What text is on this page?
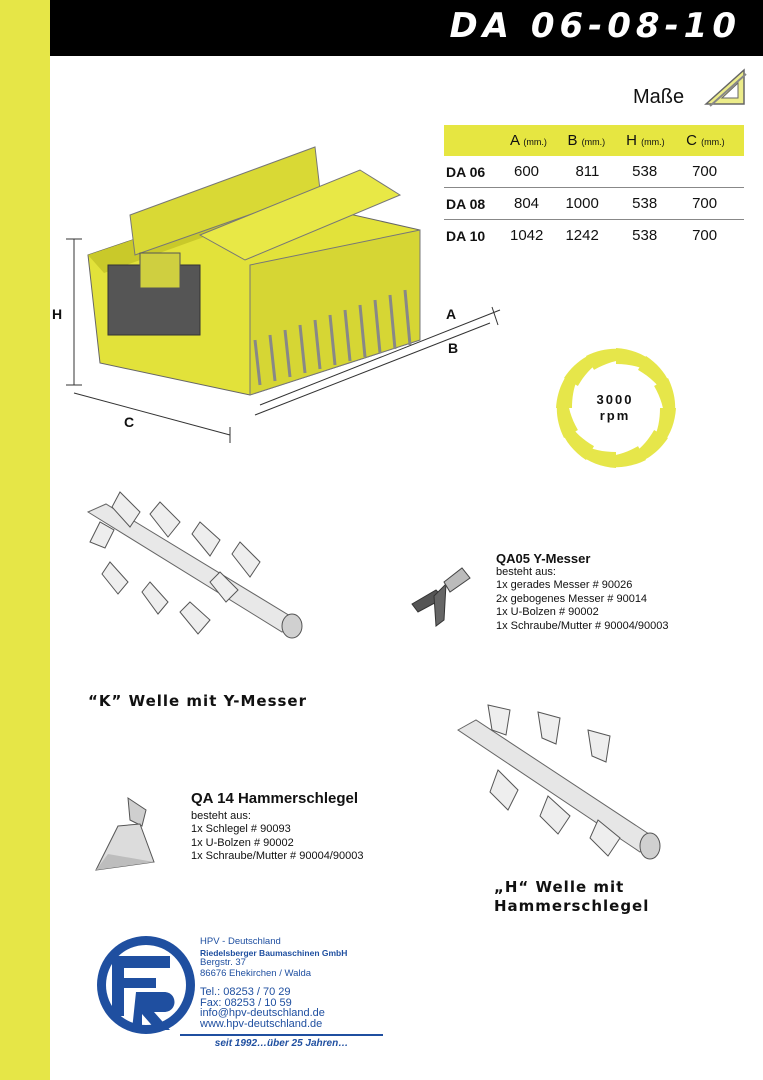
DA 06-08-10
Maße
	A (mm.)	B (mm.)	H (mm.)	C (mm.)
DA 06	600	811	538	700
DA 08	804	1000	538	700
DA 10	1042	1242	538	700
H	A
B
C
3000
rpm
“K” Welle mit Y-Messer
QA05 Y-Messer
besteht aus:
1x gerades Messer # 90026
2x gebogenes Messer # 90014
1x U-Bolzen # 90002
1x Schraube/Mutter # 90004/90003
„H“ Welle mit
Hammerschlegel
QA 14 Hammerschlegel
besteht aus:
1x Schlegel # 90093
1x U-Bolzen # 90002
1x Schraube/Mutter # 90004/90003
HPV - Deutschland
Riedelsberger Baumaschinen GmbH
Bergstr. 37
86676 Ehekirchen / Walda
Tel.: 08253 / 70 29
Fax: 08253 / 10 59
info@hpv-deutschland.de
www.hpv-deutschland.de
seit 1992…über 25 Jahren…
